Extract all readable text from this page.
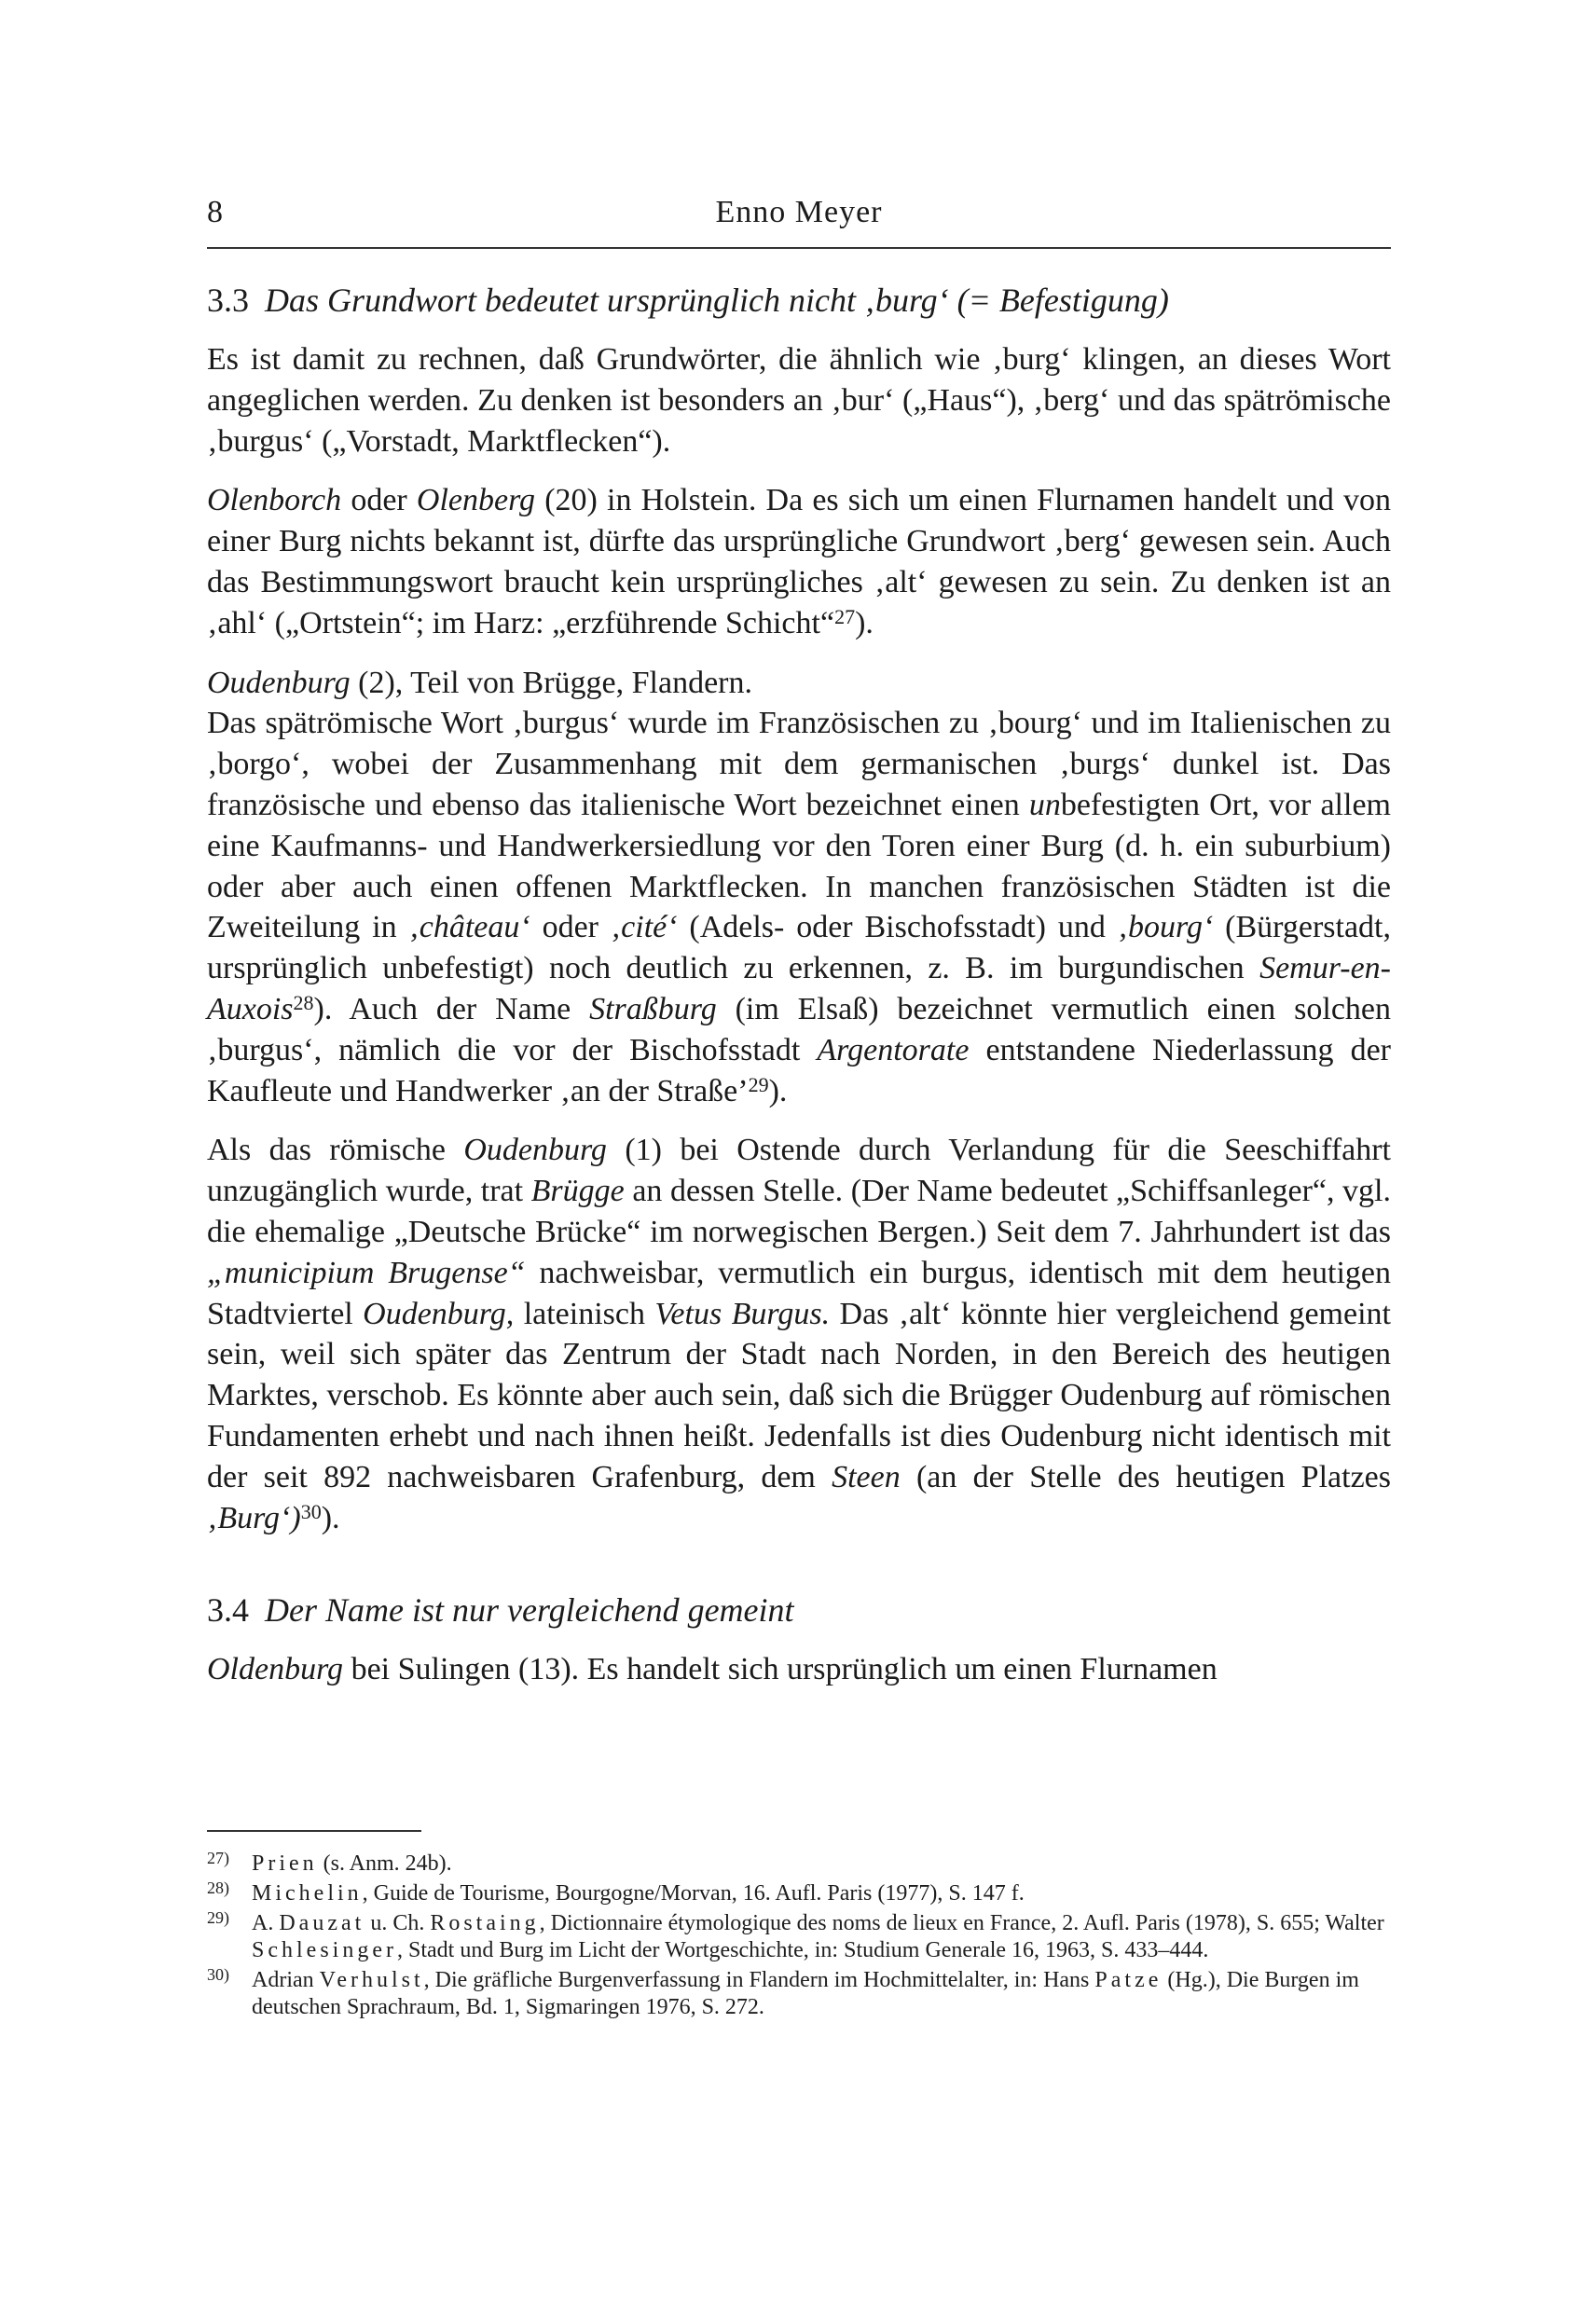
8	Enno Meyer
3.3 Das Grundwort bedeutet ursprünglich nicht ‚burg‘ (= Befestigung)

Es ist damit zu rechnen, daß Grundwörter, die ähnlich wie ‚burg‘ klingen, an dieses Wort angeglichen werden. Zu denken ist besonders an ‚bur‘ („Haus“), ‚berg‘ und das spätrömische ‚burgus‘ („Vorstadt, Marktflecken“).

Olenborch oder Olenberg (20) in Holstein. Da es sich um einen Flurnamen handelt und von einer Burg nichts bekannt ist, dürfte das ursprüngliche Grundwort ‚berg‘ gewesen sein. Auch das Bestimmungswort braucht kein ursprüngliches ‚alt‘ gewesen zu sein. Zu denken ist an ‚ahl‘ („Ortstein“; im Harz: „erzführende Schicht“$^{27}$).

Oudenburg (2), Teil von Brügge, Flandern.

Das spätrömische Wort ‚burgus‘ wurde im Französischen zu ‚bourg‘ und im Italienischen zu ‚borgo‘, wobei der Zusammenhang mit dem germanischen ‚burgs‘ dunkel ist. Das französische und ebenso das italienische Wort bezeichnet einen unbefestigten Ort, vor allem eine Kaufmanns- und Handwerkersiedlung vor den Toren einer Burg (d. h. ein suburbium) oder aber auch einen offenen Marktflecken. In manchen französischen Städten ist die Zweiteilung in ‚château‘ oder ‚cité‘ (Adels- oder Bischofsstadt) und ‚bourg‘ (Bürgerstadt, ursprünglich unbefestigt) noch deutlich zu erkennen, z. B. im burgundischen Semur-en-Auxois$^{28}$). Auch der Name Straßburg (im Elsaß) bezeichnet vermutlich einen solchen ‚burgus‘, nämlich die vor der Bischofsstadt Argentorate entstandene Niederlassung der Kaufleute und Handwerker ‚an der Straße’$^{29}$).

Als das römische Oudenburg (1) bei Ostende durch Verlandung für die Seeschiffahrt unzugänglich wurde, trat Brügge an dessen Stelle. (Der Name bedeutet „Schiffsanleger“, vgl. die ehemalige „Deutsche Brücke“ im norwegischen Bergen.) Seit dem 7. Jahrhundert ist das „municipium Brugense“ nachweisbar, vermutlich ein burgus, identisch mit dem heutigen Stadtviertel Oudenburg, lateinisch Vetus Burgus. Das ‚alt‘ könnte hier vergleichend gemeint sein, weil sich später das Zentrum der Stadt nach Norden, in den Bereich des heutigen Marktes, verschob. Es könnte aber auch sein, daß sich die Brügger Oudenburg auf römischen Fundamenten erhebt und nach ihnen heißt. Jedenfalls ist dies Oudenburg nicht identisch mit der seit 892 nachweisbaren Grafenburg, dem Steen (an der Stelle des heutigen Platzes ‚Burg‘)$^{30}$).

3.4 Der Name ist nur vergleichend gemeint

Oldenburg bei Sulingen (13). Es handelt sich ursprünglich um einen Flurnamen

27) Prien (s. Anm. 24b).
28) Michelin, Guide de Tourisme, Bourgogne/Morvan, 16. Aufl. Paris (1977), S. 147 f.
29) A. Dauzat u. Ch. Rostaing, Dictionnaire étymologique des noms de lieux en France, 2. Aufl. Paris (1978), S. 655; Walter Schlesinger, Stadt und Burg im Licht der Wortgeschichte, in: Studium Generale 16, 1963, S. 433–444.
30) Adrian Verhulst, Die gräfliche Burgenverfassung in Flandern im Hochmittelalter, in: Hans Patze (Hg.), Die Burgen im deutschen Sprachraum, Bd. 1, Sigmaringen 1976, S. 272.
